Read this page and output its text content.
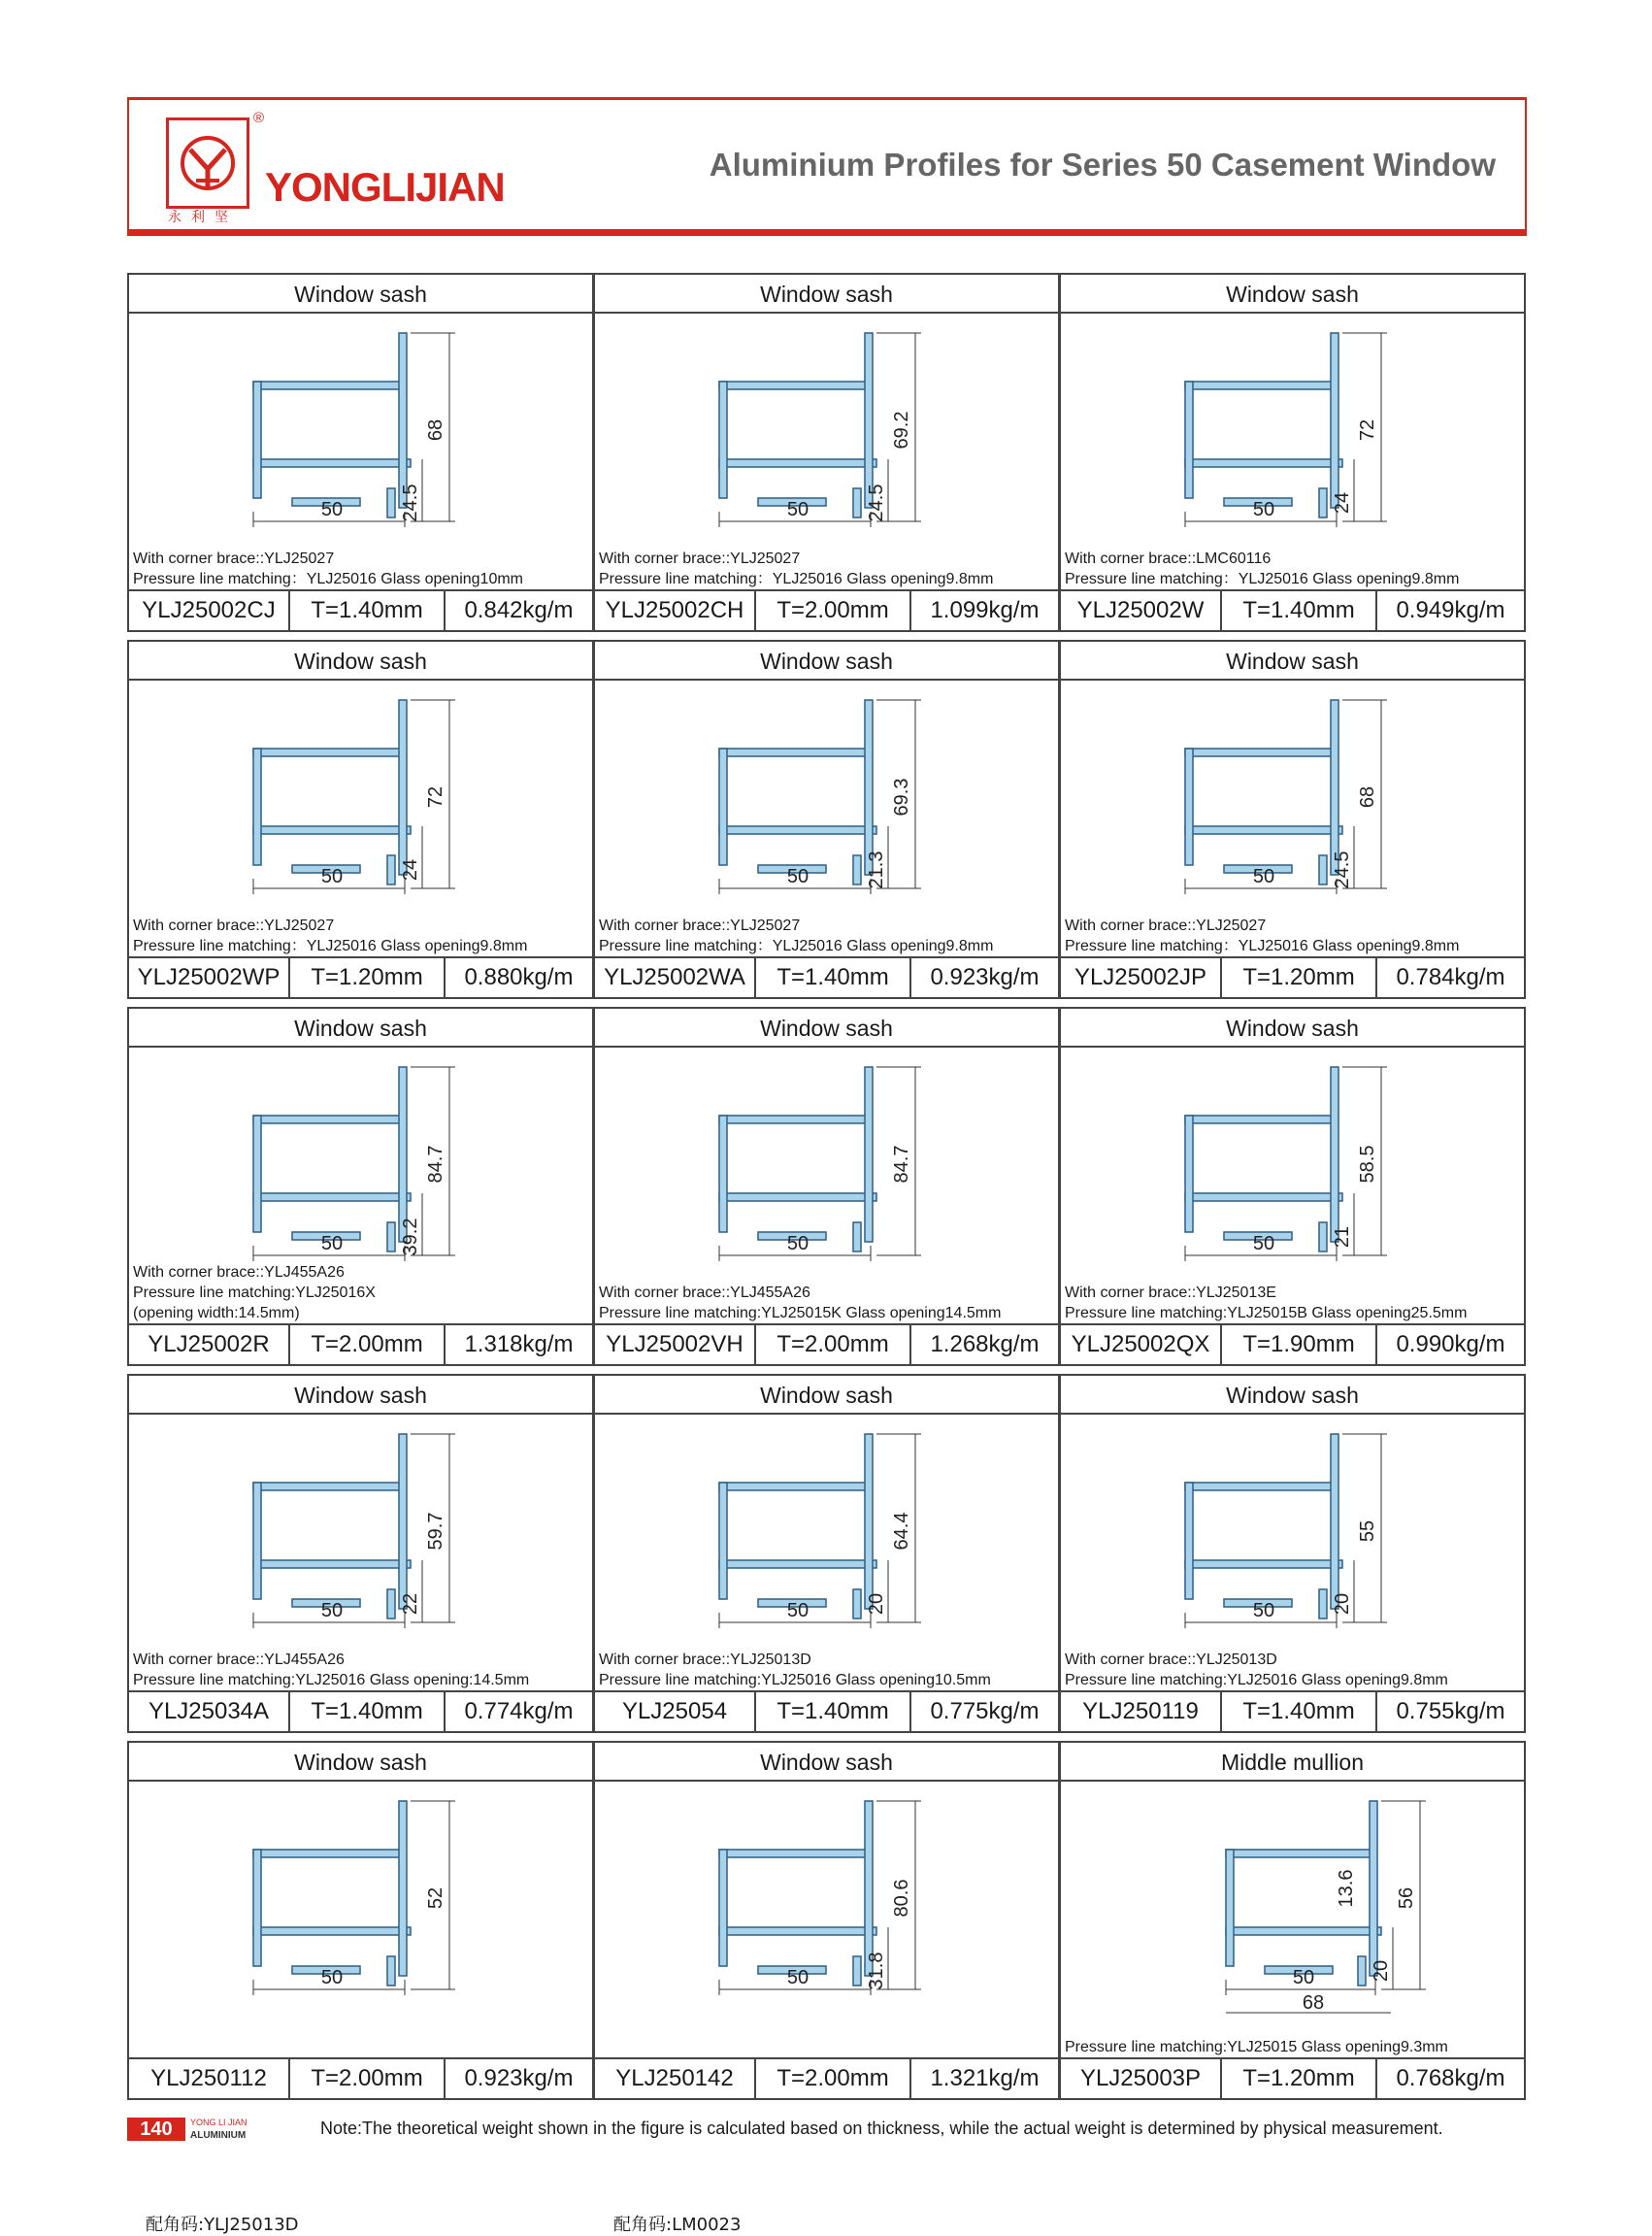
®
永利坚
YONGLIJIAN	Aluminium Profiles for Series 50 Casement Window
Window sash
50
68
24.5
With corner brace::YLJ25027
Pressure line matching：YLJ25016 Glass opening10mm
YLJ25002CJ	T=1.40mm	0.842kg/m
Window sash
50
69.2
24.5
With corner brace::YLJ25027
Pressure line matching：YLJ25016 Glass opening9.8mm
YLJ25002CH	T=2.00mm	1.099kg/m
Window sash
50
72
24
With corner brace::LMC60116
Pressure line matching：YLJ25016 Glass opening9.8mm
YLJ25002W	T=1.40mm	0.949kg/m
Window sash
50
72
24
With corner brace::YLJ25027
Pressure line matching：YLJ25016 Glass opening9.8mm
YLJ25002WP	T=1.20mm	0.880kg/m
Window sash
50
69.3
21.3
With corner brace::YLJ25027
Pressure line matching：YLJ25016 Glass opening9.8mm
YLJ25002WA	T=1.40mm	0.923kg/m
Window sash
50
68
24.5
With corner brace::YLJ25027
Pressure line matching：YLJ25016 Glass opening9.8mm
YLJ25002JP	T=1.20mm	0.784kg/m
Window sash
50
84.7
39.2
With corner brace::YLJ455A26
Pressure line matching:YLJ25016X
(opening width:14.5mm)
YLJ25002R	T=2.00mm	1.318kg/m
Window sash
50
84.7
With corner brace::YLJ455A26
Pressure line matching:YLJ25015K Glass opening14.5mm
YLJ25002VH	T=2.00mm	1.268kg/m
Window sash
50
58.5
21
With corner brace::YLJ25013E
Pressure line matching:YLJ25015B Glass opening25.5mm
YLJ25002QX	T=1.90mm	0.990kg/m
Window sash
50
59.7
22
With corner brace::YLJ455A26
Pressure line matching:YLJ25016 Glass opening:14.5mm
YLJ25034A	T=1.40mm	0.774kg/m
Window sash
50
64.4
20
With corner brace::YLJ25013D
Pressure line matching:YLJ25016 Glass opening10.5mm
YLJ25054	T=1.40mm	0.775kg/m
Window sash
50
55
20
With corner brace::YLJ25013D
Pressure line matching:YLJ25016 Glass opening9.8mm
YLJ250119	T=1.40mm	0.755kg/m
Window sash
50
52
YLJ250112	T=2.00mm	0.923kg/m
Window sash
50
80.6
31.8
YLJ250142	T=2.00mm	1.321kg/m
Middle mullion
50
56
20
13.6
68
Pressure line matching:YLJ25015 Glass opening9.3mm
YLJ25003P	T=1.20mm	0.768kg/m
140	YONG LI JIAN
ALUMINIUM	Note:The theoretical weight shown in the figure is calculated based on thickness, while the actual weight is determined by physical measurement.
配角码:YLJ25013D	配角码:LM0023
